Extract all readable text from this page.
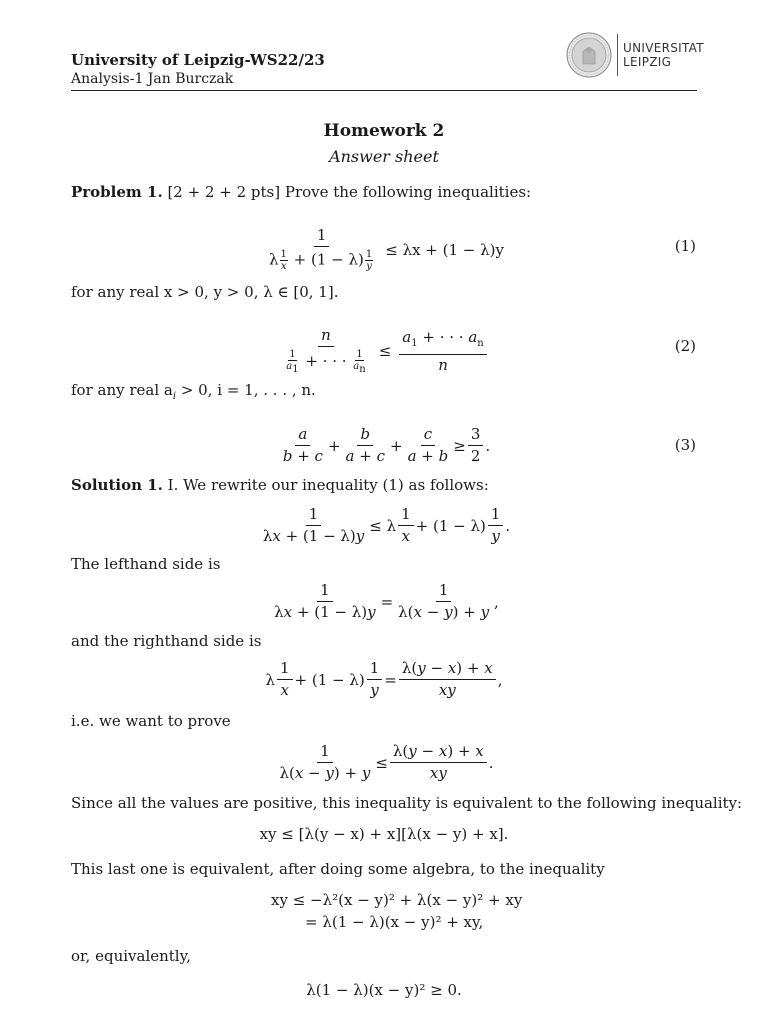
University of Leipzig-WS22/23
Analysis-1 Jan Burczak
UNIVERSITAT
LEIPZIG
Homework 2
Answer sheet
Problem 1. [2 + 2 + 2 pts] Prove the following inequalities:
$\frac{1}{\lambda \frac{1}{x} + (1 - \lambda) \frac{1}{y}} \le \lambda x + (1 - \lambda)y$	(1)
for any real x > 0, y > 0, λ ∈ [0, 1].
$\frac{n}{\frac{1}{a_1} + \cdot \cdot \cdot \frac{1}{a_n}} \le \frac{a_1 + \cdot \cdot \cdot a_n}{n}$	(2)
for any real $a_i > 0$, i = 1, . . . , n.
$\frac{a}{b + c} + \frac{b}{a + c} + \frac{c}{a + b} \ge \frac{3}{2}$ .	(3)
Solution 1. I. We rewrite our inequality (1) as follows:
$\frac{1}{\lambda x + (1 - \lambda)y} \le \lambda \frac{1}{x} + (1 - \lambda) \frac{1}{y}$ .
The lefthand side is
$\frac{1}{\lambda x + (1 - \lambda)y} = \frac{1}{\lambda(x - y) + y}$ ,
and the righthand side is
λ $\frac{1}{x} + (1 - \lambda) \frac{1}{y} = \frac{\lambda(y - x) + x}{xy}$ ,
i.e. we want to prove
$\frac{1}{\lambda(x - y) + y} \le \frac{\lambda(y - x) + x}{xy}$ .
Since all the values are positive, this inequality is equivalent to the following inequality:
xy ≤ [λ(y − x) + x][λ(x − y) + x].
This last one is equivalent, after doing some algebra, to the inequality
xy ≤ −λ²(x − y)² + λ(x − y)² + xy
= λ(1 − λ)(x − y)² + xy,
or, equivalently,
λ(1 − λ)(x − y)² ≥ 0.
